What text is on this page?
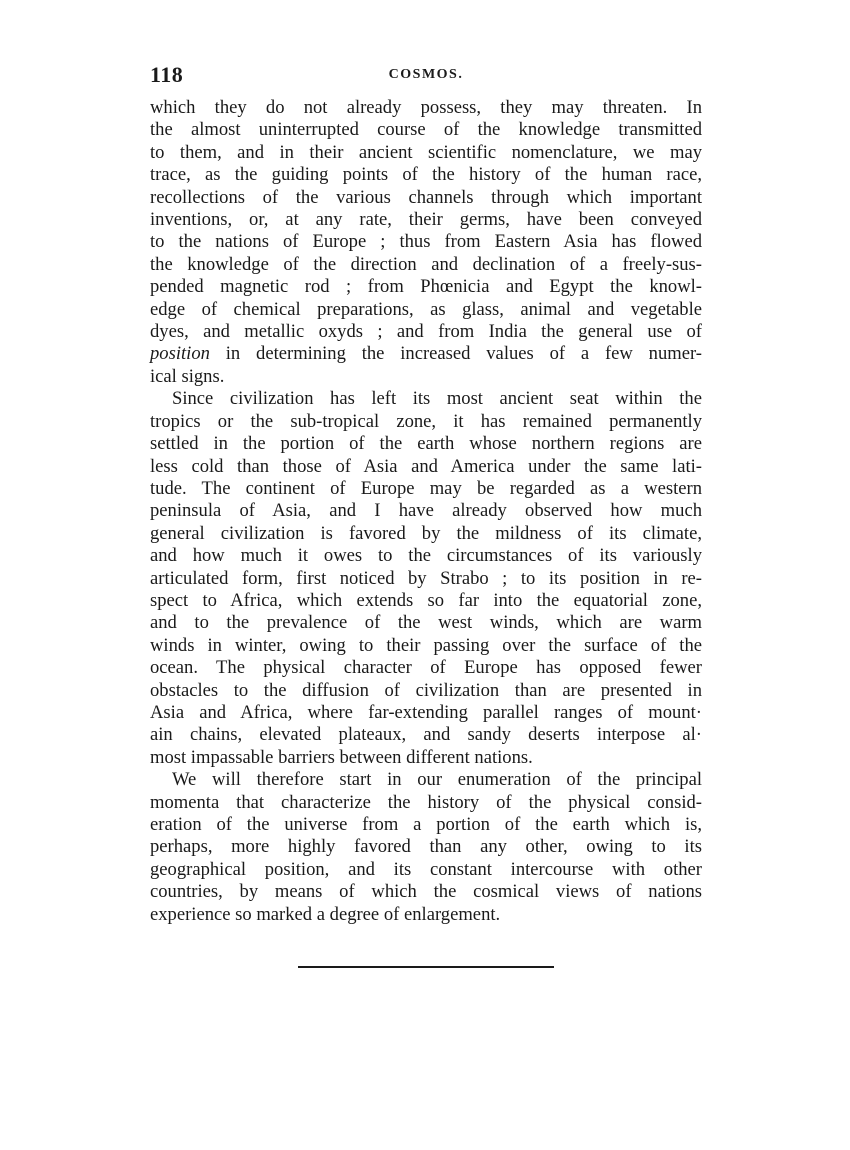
118	COSMOS.

which they do not already possess, they may threaten. In
the almost uninterrupted course of the knowledge transmitted
to them, and in their ancient scientific nomenclature, we may
trace, as the guiding points of the history of the human race,
recollections of the various channels through which important
inventions, or, at any rate, their germs, have been conveyed
to the nations of Europe ; thus from Eastern Asia has flowed
the knowledge of the direction and declination of a freely-sus-
pended magnetic rod ; from Phœnicia and Egypt the knowl-
edge of chemical preparations, as glass, animal and vegetable
dyes, and metallic oxyds ; and from India the general use of
position in determining the increased values of a few numer-
ical signs.

Since civilization has left its most ancient seat within the
tropics or the sub-tropical zone, it has remained permanently
settled in the portion of the earth whose northern regions are
less cold than those of Asia and America under the same lati-
tude. The continent of Europe may be regarded as a western
peninsula of Asia, and I have already observed how much
general civilization is favored by the mildness of its climate,
and how much it owes to the circumstances of its variously
articulated form, first noticed by Strabo ; to its position in re-
spect to Africa, which extends so far into the equatorial zone,
and to the prevalence of the west winds, which are warm
winds in winter, owing to their passing over the surface of the
ocean. The physical character of Europe has opposed fewer
obstacles to the diffusion of civilization than are presented in
Asia and Africa, where far-extending parallel ranges of mount·
ain chains, elevated plateaux, and sandy deserts interpose al·
most impassable barriers between different nations.

We will therefore start in our enumeration of the principal
momenta that characterize the history of the physical consid-
eration of the universe from a portion of the earth which is,
perhaps, more highly favored than any other, owing to its
geographical position, and its constant intercourse with other
countries, by means of which the cosmical views of nations
experience so marked a degree of enlargement.
